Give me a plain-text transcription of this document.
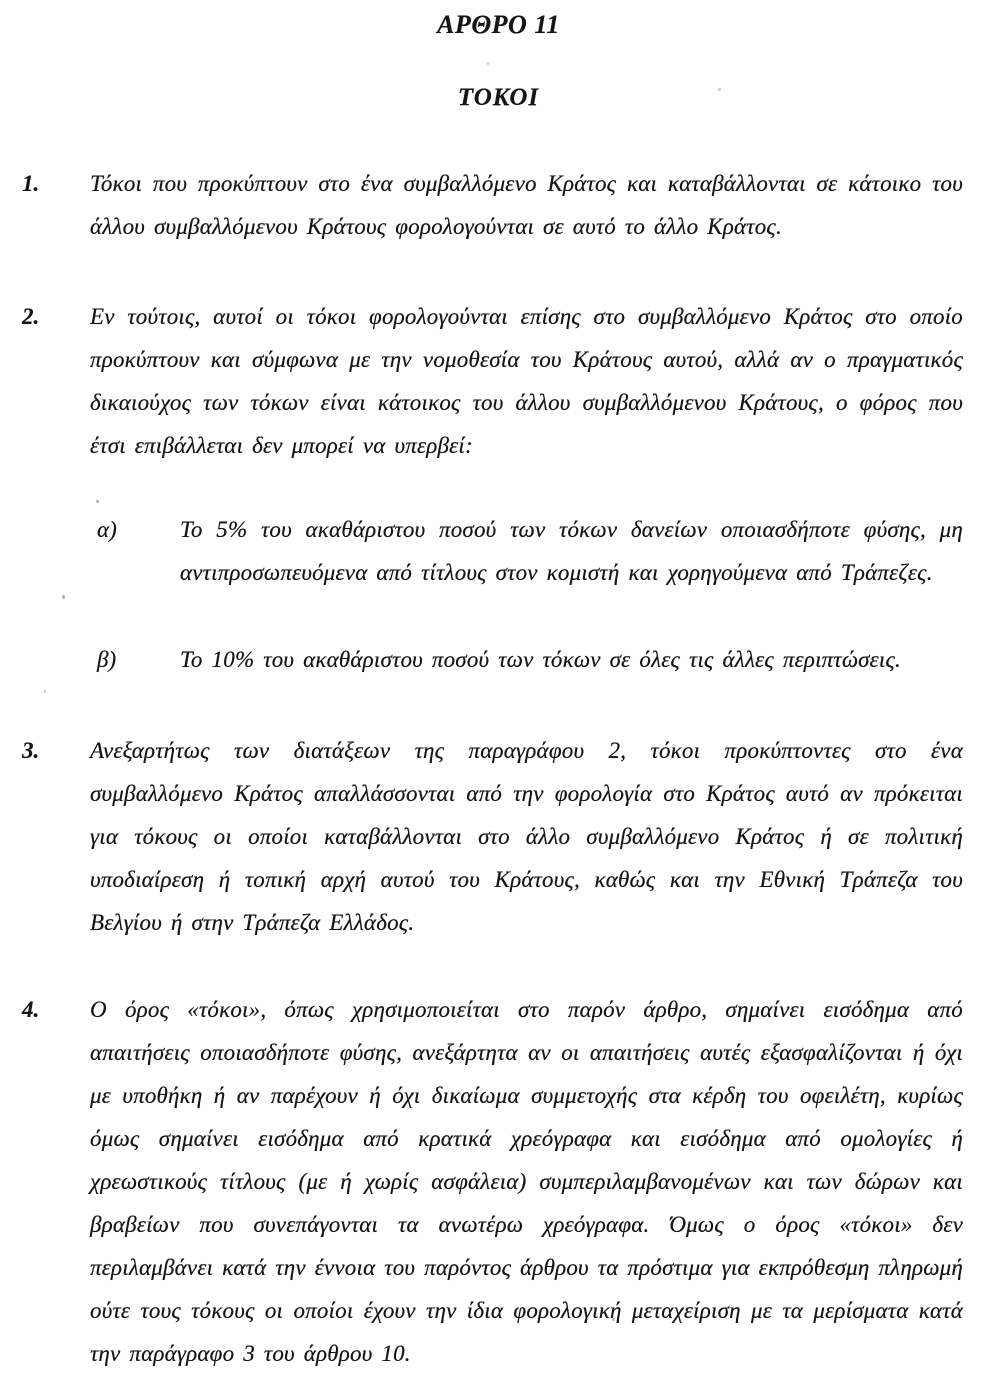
ΑΡΘΡΟ 11
ΤΟΚΟΙ
1. Τόκοι που προκύπτουν στο ένα συμβαλλόμενο Κράτος και καταβάλλονται σε κάτοικο του άλλου συμβαλλόμενου Κράτους φορολογούνται σε αυτό το άλλο Κράτος.
2. Εν τούτοις, αυτοί οι τόκοι φορολογούνται επίσης στο συμβαλλόμενο Κράτος στο οποίο προκύπτουν και σύμφωνα με την νομοθεσία του Κράτους αυτού, αλλά αν ο πραγματικός δικαιούχος των τόκων είναι κάτοικος του άλλου συμβαλλόμενου Κράτους, ο φόρος που έτσι επιβάλλεται δεν μπορεί να υπερβεί:
α)	Το 5% του ακαθάριστου ποσού των τόκων δανείων οποιασδήποτε φύσης, μη αντιπροσωπευόμενα από τίτλους στον κομιστή και χορηγούμενα από Τράπεζες.
β)	Το 10% του ακαθάριστου ποσού των τόκων σε όλες τις άλλες περιπτώσεις.
3. Ανεξαρτήτως των διατάξεων της παραγράφου 2, τόκοι προκύπτοντες στο ένα συμβαλλόμενο Κράτος απαλλάσσονται από την φορολογία στο Κράτος αυτό αν πρόκειται για τόκους οι οποίοι καταβάλλονται στο άλλο συμβαλλόμενο Κράτος ή σε πολιτική υποδιαίρεση ή τοπική αρχή αυτού του Κράτους, καθώς και την Εθνική Τράπεζα του Βελγίου ή στην Τράπεζα Ελλάδος.
4. Ο όρος «τόκοι», όπως χρησιμοποιείται στο παρόν άρθρο, σημαίνει εισόδημα από απαιτήσεις οποιασδήποτε φύσης, ανεξάρτητα αν οι απαιτήσεις αυτές εξασφαλίζονται ή όχι με υποθήκη ή αν παρέχουν ή όχι δικαίωμα συμμετοχής στα κέρδη του οφειλέτη, κυρίως όμως σημαίνει εισόδημα από κρατικά χρεόγραφα και εισόδημα από ομολογίες ή χρεωστικούς τίτλους (με ή χωρίς ασφάλεια) συμπεριλαμβανομένων και των δώρων και βραβείων που συνεπάγονται τα ανωτέρω χρεόγραφα. Όμως ο όρος «τόκοι» δεν περιλαμβάνει κατά την έννοια του παρόντος άρθρου τα πρόστιμα για εκπρόθεσμη πληρωμή ούτε τους τόκους οι οποίοι έχουν την ίδια φορολογική μεταχείριση με τα μερίσματα κατά την παράγραφο 3 του άρθρου 10.
